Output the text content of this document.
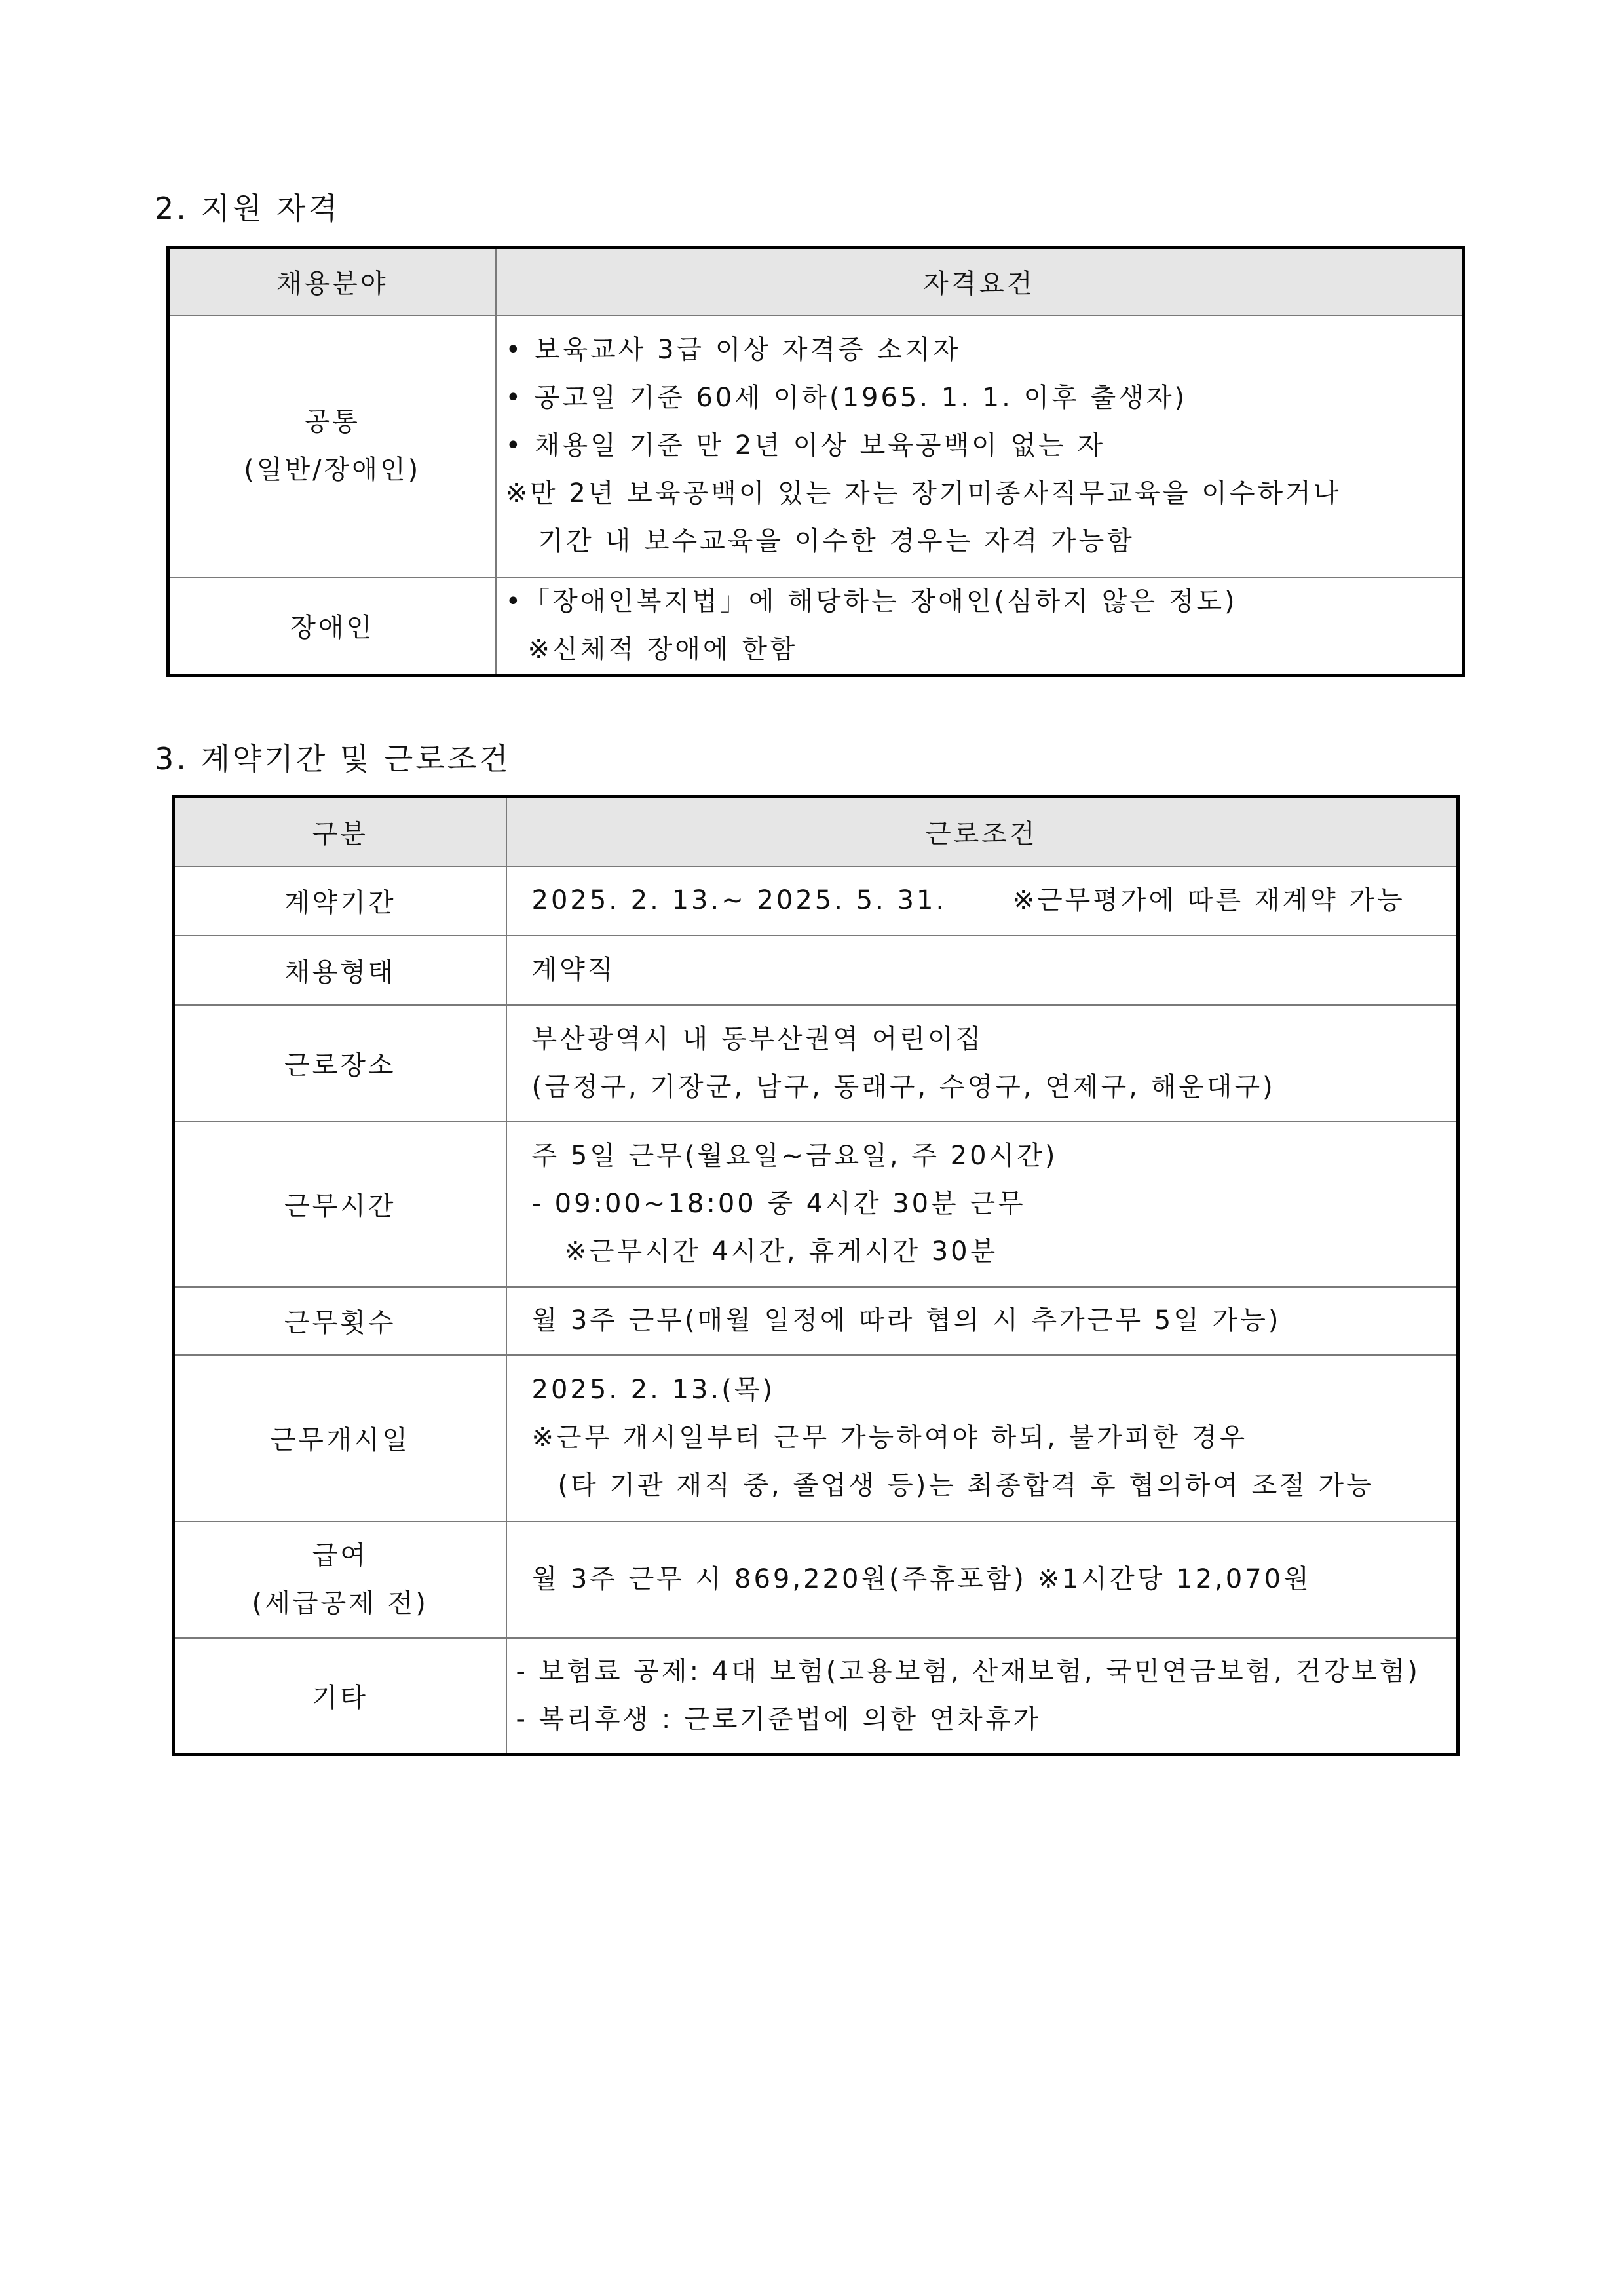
2. 지원 자격
채용분야	자격요건

공통
(일반/장애인)	• 보육교사 3급 이상 자격증 소지자
• 공고일 기준 60세 이하(1965. 1. 1. 이후 출생자)
• 채용일 기준 만 2년 이상 보육공백이 없는 자
※만 2년 보육공백이 있는 자는 장기미종사직무교육을 이수하거나
기간 내 보수교육을 이수한 경우는 자격 가능함

장애인	•「장애인복지법」에 해당하는 장애인(심하지 않은 정도)
※신체적 장애에 한함
3. 계약기간 및 근로조건
구분	근로조건
계약기간	2025. 2. 13.~ 2025. 5. 31.      ※근무평가에 따른 재계약 가능

채용형태	계약직

근로장소	부산광역시 내 동부산권역 어린이집
(금정구, 기장군, 남구, 동래구, 수영구, 연제구, 해운대구)

근무시간	주 5일 근무(월요일~금요일, 주 20시간)
- 09:00~18:00 중 4시간 30분 근무
※근무시간 4시간, 휴게시간 30분

근무횟수	월 3주 근무(매월 일정에 따라 협의 시 추가근무 5일 가능)

근무개시일	2025. 2. 13.(목)
※근무 개시일부터 근무 가능하여야 하되, 불가피한 경우
(타 기관 재직 중, 졸업생 등)는 최종합격 후 협의하여 조절 가능

급여
(세급공제 전)	월 3주 근무 시 869,220원(주휴포함) ※1시간당 12,070원

기타	- 보험료 공제: 4대 보험(고용보험, 산재보험, 국민연금보험, 건강보험)
- 복리후생 : 근로기준법에 의한 연차휴가
